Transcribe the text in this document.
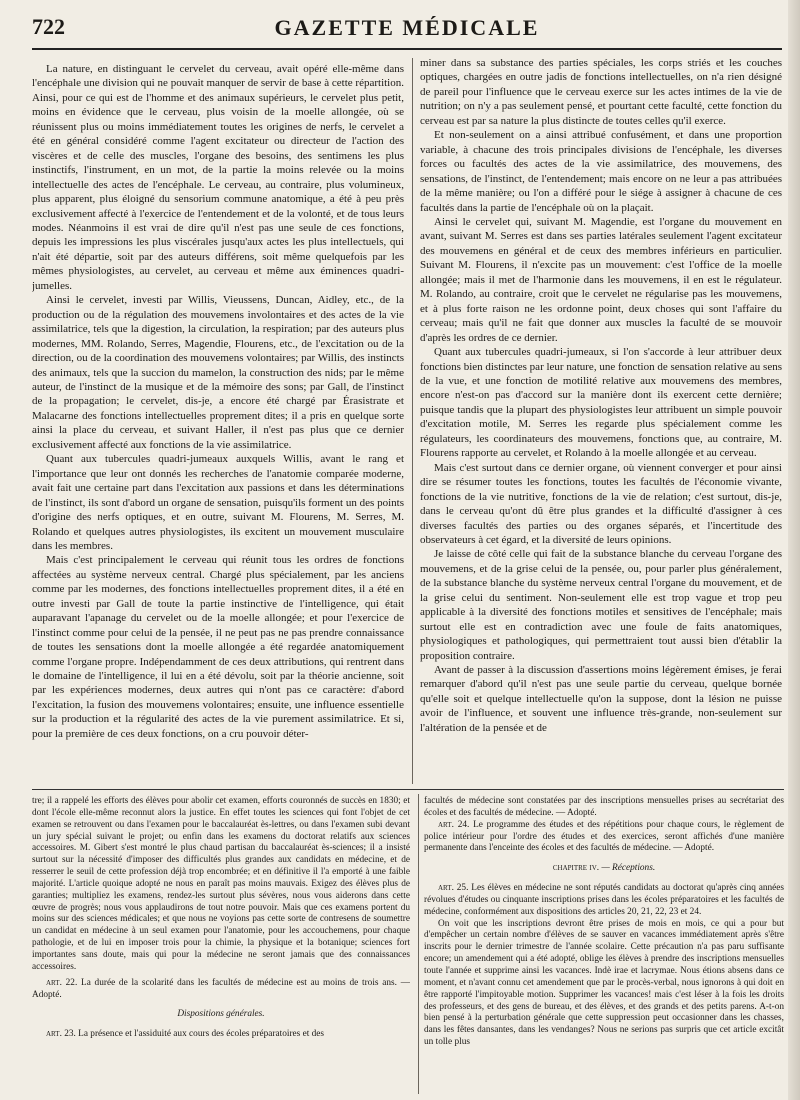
722	GAZETTE MÉDICALE

La nature, en distinguant le cervelet du cerveau, avait opéré elle-même dans l'encéphale une division qui ne pouvait manquer de servir de base à cette répartition. Ainsi, pour ce qui est de l'homme et des animaux supérieurs, le cervelet plus petit, moins en évidence que le cerveau, plus voisin de la moelle allongée, où se réunissent plus ou moins immédiatement toutes les origines de nerfs, le cervelet a été en général considéré comme l'agent excitateur ou directeur de l'action des viscères et de celle des muscles, l'organe des besoins, des sentimens les plus instinctifs, l'instrument, en un mot, de la partie la moins relevée ou la moins intellectuelle des actes de l'encéphale. Le cerveau, au contraire, plus volumineux, plus apparent, plus éloigné du sensorium commune anatomique, a été à peu près exclusivement affecté à l'exercice de l'entendement et de la volonté, et de tous leurs modes. Néanmoins il est vrai de dire qu'il n'est pas une seule de ces fonctions, depuis les impressions les plus viscérales jusqu'aux actes les plus intellectuels, qui n'ait été départie, soit par des auteurs différens, soit même quelquefois par les mêmes physiologistes, au cervelet, au cerveau et même aux éminences quadri-jumelles.

Ainsi le cervelet, investi par Willis, Vieussens, Duncan, Aidley, etc., de la production ou de la régulation des mouvemens involontaires et des actes de la vie assimilatrice, tels que la digestion, la circulation, la respiration; par des auteurs plus modernes, MM. Rolando, Serres, Magendie, Flourens, etc., de l'excitation ou de la direction, ou de la coordination des mouvemens volontaires; par Willis, des instincts des animaux, tels que la succion du mamelon, la construction des nids; par le même auteur, de l'instinct de la musique et de la mémoire des sons; par Gall, de l'instinct de la propagation; le cervelet, dis-je, a encore été chargé par Érasistrate et Malacarne des fonctions intellectuelles proprement dites; il a pris en quelque sorte ainsi la place du cerveau, et suivant Haller, il n'est pas plus que ce dernier exclusivement affecté aux fonctions de la vie assimilatrice.

Quant aux tubercules quadri-jumeaux auxquels Willis, avant le rang et l'importance que leur ont donnés les recherches de l'anatomie comparée moderne, avait fait une certaine part dans l'excitation aux passions et dans les déterminations de l'instinct, ils sont d'abord un organe de sensation, puisqu'ils forment un des points d'origine des nerfs optiques, et en outre, suivant M. Flourens, M. Serres, M. Rolando et quelques autres physiologistes, ils excitent un mouvement musculaire dans les membres.

Mais c'est principalement le cerveau qui réunit tous les ordres de fonctions affectées au système nerveux central. Chargé plus spécialement, par les anciens comme par les modernes, des fonctions intellectuelles proprement dites, il a été en outre investi par Gall de toute la partie instinctive de l'intelligence, qui était auparavant l'apanage du cervelet ou de la moelle allongée; et pour l'exercice de l'instinct comme pour celui de la pensée, il ne peut pas ne pas prendre connaissance de toutes les sensations dont la moelle allongée a été regardée anatomiquement comme l'organe propre. Indépendamment de ces deux attributions, qui rentrent dans le domaine de l'intelligence, il lui en a été dévolu, soit par la théorie ancienne, soit par les expériences modernes, deux autres qui n'ont pas ce caractère: d'abord l'excitation, la fusion des mouvemens volontaires; ensuite, une influence essentielle sur la production et la régularité des actes de la vie purement assimilatrice. Et si, pour la première de ces deux fonctions, on a cru pouvoir déter-

miner dans sa substance des parties spéciales, les corps striés et les couches optiques, chargées en outre jadis de fonctions intellectuelles, on n'a rien désigné de pareil pour l'influence que le cerveau exerce sur les actes intimes de la vie de nutrition; on n'y a pas seulement pensé, et pourtant cette faculté, cette fonction du cerveau est par sa nature la plus distincte de toutes celles qu'il exerce.

Et non-seulement on a ainsi attribué confusément, et dans une proportion variable, à chacune des trois principales divisions de l'encéphale, les diverses forces ou facultés des actes de la vie assimilatrice, des mouvemens, des sensations, de l'instinct, de l'entendement; mais encore on ne leur a pas attribuées de la même manière; ou l'on a différé pour le siége à assigner à chacune de ces facultés dans la partie de l'encéphale où on la plaçait.

Ainsi le cervelet qui, suivant M. Magendie, est l'organe du mouvement en avant, suivant M. Serres est dans ses parties latérales seulement l'agent excitateur des mouvemens en général et de ceux des membres inférieurs en particulier. Suivant M. Flourens, il n'excite pas un mouvement: c'est l'office de la moelle allongée; mais il met de l'harmonie dans les mouvemens, il en est le régulateur. M. Rolando, au contraire, croit que le cervelet ne régularise pas les mouvemens, et à plus forte raison ne les ordonne point, deux choses qui sont l'affaire du cerveau; mais qu'il ne fait que donner aux muscles la faculté de se mouvoir d'après les ordres de ce dernier.

Quant aux tubercules quadri-jumeaux, si l'on s'accorde à leur attribuer deux fonctions bien distinctes par leur nature, une fonction de sensation relative au sens de la vue, et une fonction de motilité relative aux mouvemens des membres, encore n'est-on pas d'accord sur la manière dont ils exercent cette dernière; puisque tandis que la plupart des physiologistes leur attribuent un simple pouvoir d'excitation motile, M. Serres les regarde plus spécialement comme les régulateurs, les coordinateurs des mouvemens, fonctions que, au contraire, M. Flourens rapporte au cervelet, et Rolando à la moelle allongée et au cerveau.

Mais c'est surtout dans ce dernier organe, où viennent converger et pour ainsi dire se résumer toutes les fonctions, toutes les facultés de l'économie vivante, fonctions de la vie nutritive, fonctions de la vie de relation; c'est surtout, dis-je, dans le cerveau qu'ont dû être plus grandes et la difficulté d'assigner à ces diverses facultés des parties ou des organes séparés, et l'incertitude des observateurs à cet égard, et la diversité de leurs opinions.

Je laisse de côté celle qui fait de la substance blanche du cerveau l'organe des mouvemens, et de la grise celui de la pensée, ou, pour parler plus généralement, de la substance blanche du système nerveux central l'organe du mouvement, et de la grise celui du sentiment. Non-seulement elle est trop vague et trop peu applicable à la diversité des fonctions motiles et sensitives de l'encéphale; mais surtout elle est en contradiction avec une foule de faits anatomiques, physiologiques et pathologiques, qui permettraient tout aussi bien d'établir la proposition contraire.

Avant de passer à la discussion d'assertions moins légèrement émises, je ferai remarquer d'abord qu'il n'est pas une seule partie du cerveau, quelque bornée qu'elle soit et quelque intellectuelle qu'on la suppose, dont la lésion ne puisse avoir de l'influence, et souvent une influence très-grande, non-seulement sur l'altération de la pensée et de

tre; il a rappelé les efforts des élèves pour abolir cet examen, efforts couronnés de succès en 1830; et dont l'école elle-même reconnut alors la justice. En effet toutes les sciences qui font l'objet de cet examen se retrouvent ou dans l'examen pour le baccalauréat ès-lettres, ou dans l'examen subi devant un jury spécial suivant le projet; ou enfin dans les examens du doctorat relatifs aux sciences accessoires. M. Gibert s'est montré le plus chaud partisan du baccalauréat ès-sciences; il a insisté surtout sur la nécessité d'imposer des difficultés plus grandes aux candidats en médecine, et de resserrer le seuil de cette profession déjà trop encombrée; et en définitive il l'a emporté à une faible majorité. L'article quoique adopté ne nous en paraît pas moins mauvais. Exigez des élèves plus de garanties; multipliez les examens, rendez-les surtout plus sévères, nous vous aiderons dans cette œuvre de progrès; nous vous applaudirons de tout notre pouvoir. Mais que ces examens portent du moins sur des sciences médicales; et que nous ne voyions pas cette sorte de contresens de soumettre un candidat en médecine à un seul examen pour l'anatomie, pour les accouchemens, pour chaque pathologie, et de lui en imposer trois pour la chimie, la physique et la botanique; sciences fort importantes sans doute, mais qui pour la médecine ne seront jamais que des connaissances accessoires.

art. 22. La durée de la scolarité dans les facultés de médecine est au moins de trois ans. — Adopté.

Dispositions générales.

art. 23. La présence et l'assiduité aux cours des écoles préparatoires et des

facultés de médecine sont constatées par des inscriptions mensuelles prises au secrétariat des écoles et des facultés de médecine. — Adopté.

art. 24. Le programme des études et des répétitions pour chaque cours, le règlement de police intérieur pour l'ordre des études et des exercices, seront affichés d'une manière permanente dans l'enceinte des écoles et des facultés de médecine. — Adopté.

chapitre iv. — Réceptions.

art. 25. Les élèves en médecine ne sont réputés candidats au doctorat qu'après cinq années révolues d'études ou cinquante inscriptions prises dans les écoles préparatoires et les facultés de médecine, conformément aux dispositions des articles 20, 21, 22, 23 et 24.

On voit que les inscriptions devront être prises de mois en mois, ce qui a pour but d'empêcher un certain nombre d'élèves de se sauver en vacances immédiatement après s'être inscrits pour le dernier trimestre de l'année scolaire. Cette précaution n'a pas paru suffisante encore; un amendement qui a été adopté, oblige les élèves à prendre des inscriptions mensuelles toute l'année et supprime ainsi les vacances. Indè irae et lacrymae. Nous étions absens dans ce moment, et n'avant connu cet amendement que par le procès-verbal, nous ignorons à qui doit en être rapporté l'impitoyable motion. Supprimer les vacances! mais c'est léser à la fois les droits des professeurs, et des gens de bureau, et des élèves, et des grands et des petits parens. A-t-on bien pensé à la perturbation générale que cette suppression peut occasionner dans les chasses, dans les fêtes dansantes, dans les vendanges? Nous ne serions pas surpris que cet article excitât un tolle plus
